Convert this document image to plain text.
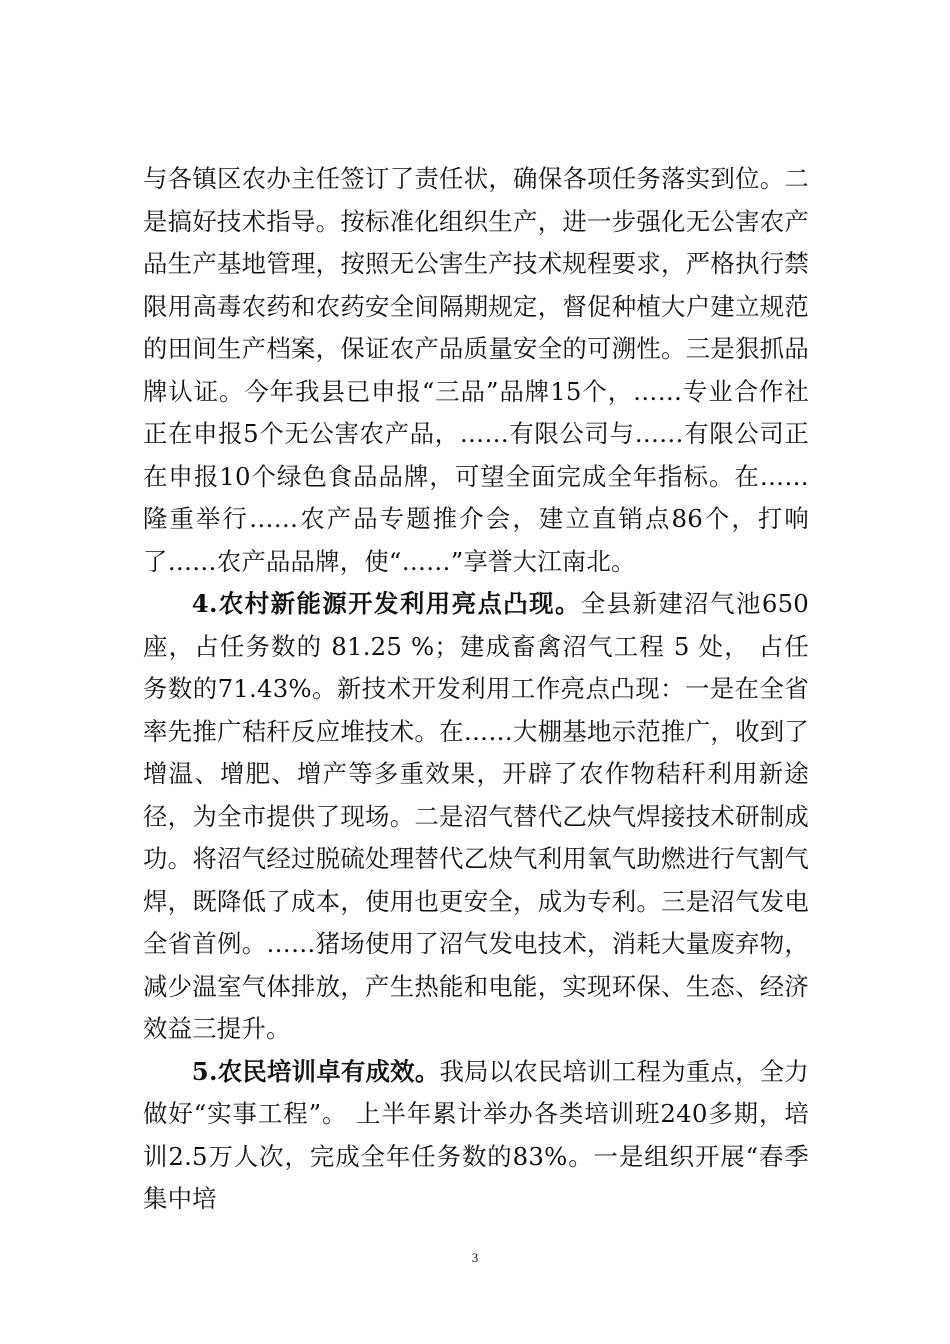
与各镇区农办主任签订了责任状，确保各项任务落实到位。二是搞好技术指导。按标准化组织生产，进一步强化无公害农产品生产基地管理，按照无公害生产技术规程要求，严格执行禁限用高毒农药和农药安全间隔期规定，督促种植大户建立规范的田间生产档案，保证农产品质量安全的可溯性。三是狠抓品牌认证。今年我县已申报“三品”品牌15个，……专业合作社正在申报5个无公害农产品，……有限公司与……有限公司正在申报10个绿色食品品牌，可望全面完成全年指标。在……隆重举行……农产品专题推介会，建立直销点86个，打响了……农产品品牌，使“……”享誉大江南北。

4.农村新能源开发利用亮点凸现。全县新建沼气池650座，占任务数的 81.25 %；建成畜禽沼气工程 5 处， 占任务数的71.43%。新技术开发利用工作亮点凸现：一是在全省率先推广秸秆反应堆技术。在……大棚基地示范推广，收到了增温、增肥、增产等多重效果，开辟了农作物秸秆利用新途径，为全市提供了现场。二是沼气替代乙炔气焊接技术研制成功。将沼气经过脱硫处理替代乙炔气利用氧气助燃进行气割气焊，既降低了成本，使用也更安全，成为专利。三是沼气发电全省首例。……猪场使用了沼气发电技术，消耗大量废弃物，减少温室气体排放，产生热能和电能，实现环保、生态、经济效益三提升。

5.农民培训卓有成效。我局以农民培训工程为重点，全力做好“实事工程”。 上半年累计举办各类培训班240多期，培训2.5万人次，完成全年任务数的83%。一是组织开展“春季集中培

3
